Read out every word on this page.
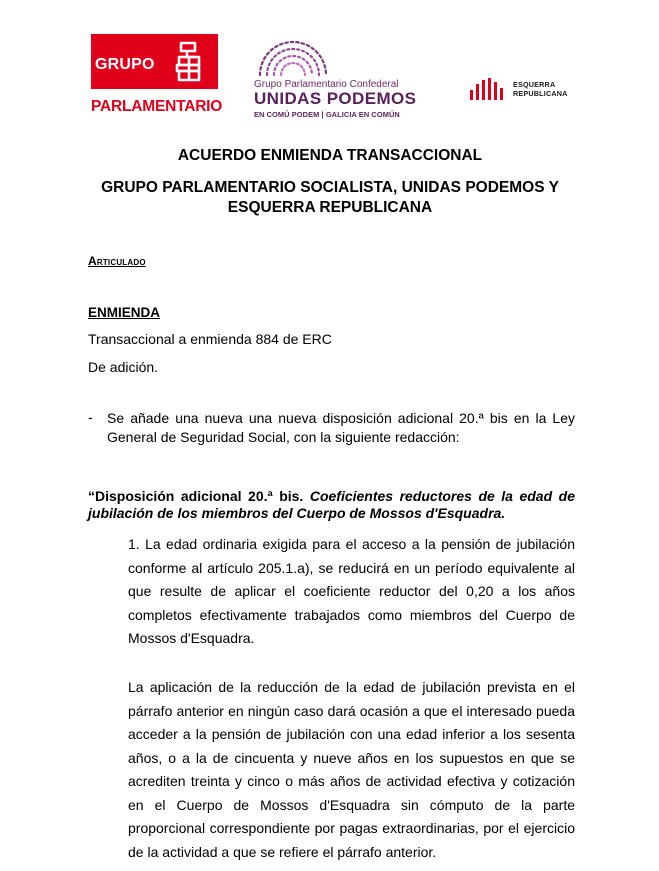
GRUPO
PARLAMENTARIO
Grupo Parlamentario Confederal
UNIDAS PODEMOS
EN COMÚ PODEM | GALICIA EN COMÚN
ESQUERRA
REPUBLICANA
ACUERDO ENMIENDA TRANSACCIONAL
GRUPO PARLAMENTARIO SOCIALISTA, UNIDAS PODEMOS Y ESQUERRA REPUBLICANA
Articulado
ENMIENDA
Transaccional a enmienda 884 de ERC
De adición.
- Se añade una nueva una nueva disposición adicional 20.ª bis en la Ley General de Seguridad Social, con la siguiente redacción:
“Disposición adicional 20.ª bis. Coeficientes reductores de la edad de jubilación de los miembros del Cuerpo de Mossos d'Esquadra.
1. La edad ordinaria exigida para el acceso a la pensión de jubilación conforme al artículo 205.1.a), se reducirá en un período equivalente al que resulte de aplicar el coeficiente reductor del 0,20 a los años completos efectivamente trabajados como miembros del Cuerpo de Mossos d'Esquadra.
La aplicación de la reducción de la edad de jubilación prevista en el párrafo anterior en ningún caso dará ocasión a que el interesado pueda acceder a la pensión de jubilación con una edad inferior a los sesenta años, o a la de cincuenta y nueve años en los supuestos en que se acrediten treinta y cinco o más años de actividad efectiva y cotización en el Cuerpo de Mossos d'Esquadra sin cómputo de la parte proporcional correspondiente por pagas extraordinarias, por el ejercicio de la actividad a que se refiere el párrafo anterior.
